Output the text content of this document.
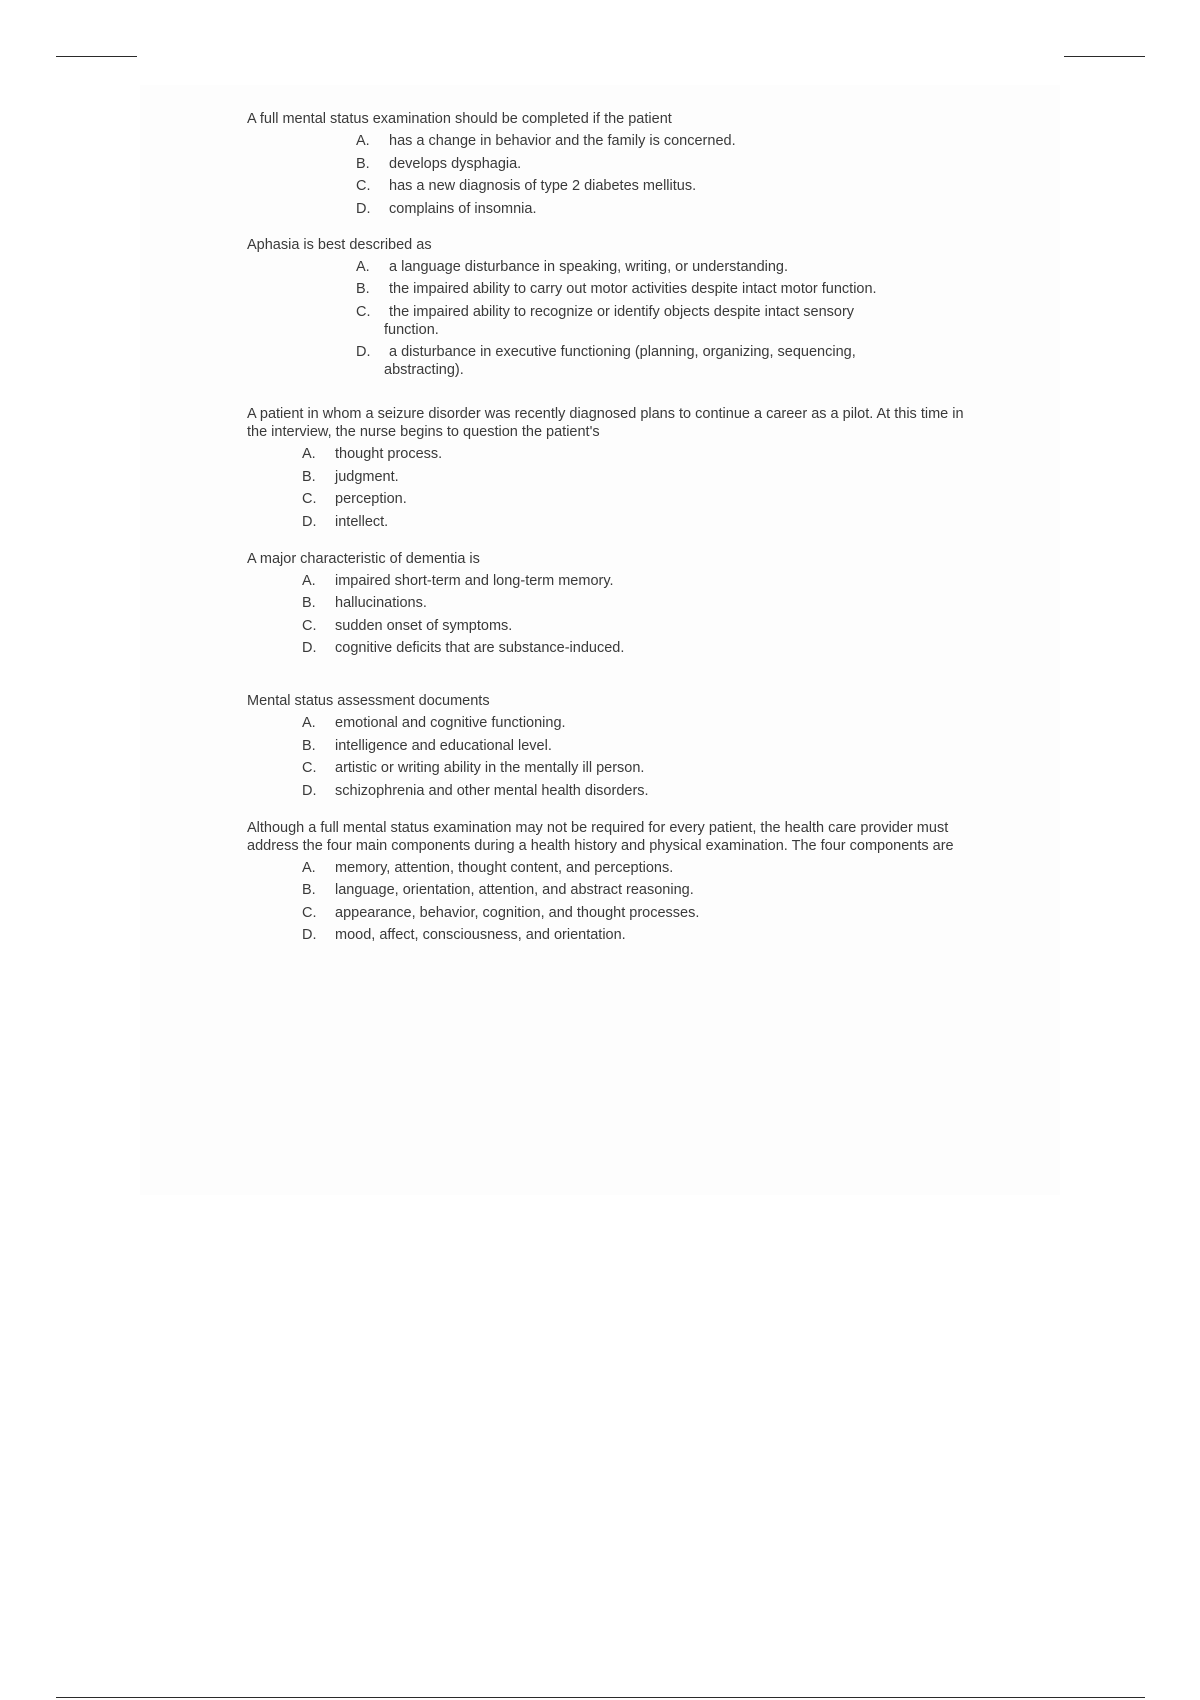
A full mental status examination should be completed if the patient

A. has a change in behavior and the family is concerned.
B. develops dysphagia.
C. has a new diagnosis of type 2 diabetes mellitus.
D. complains of insomnia.

Aphasia is best described as

A. a language disturbance in speaking, writing, or understanding.
B. the impaired ability to carry out motor activities despite intact motor function.
C.	the impaired ability to recognize or identify objects despite intact sensory function.
D.	a disturbance in executive functioning (planning, organizing, sequencing, abstracting).

A patient in whom a seizure disorder was recently diagnosed plans to continue a career as a pilot. At this time in the interview, the nurse begins to question the patient's

A. thought process.
B. judgment.
C. perception.
D. intellect.

A major characteristic of dementia is

A. impaired short-term and long-term memory.
B. hallucinations.
C. sudden onset of symptoms.
D. cognitive deficits that are substance-induced.

Mental status assessment documents

A. emotional and cognitive functioning.
B. intelligence and educational level.
C. artistic or writing ability in the mentally ill person.
D. schizophrenia and other mental health disorders.

Although a full mental status examination may not be required for every patient, the health care provider must address the four main components during a health history and physical examination. The four components are

A. memory, attention, thought content, and perceptions.
B. language, orientation, attention, and abstract reasoning.
C. appearance, behavior, cognition, and thought processes.
D. mood, affect, consciousness, and orientation.
